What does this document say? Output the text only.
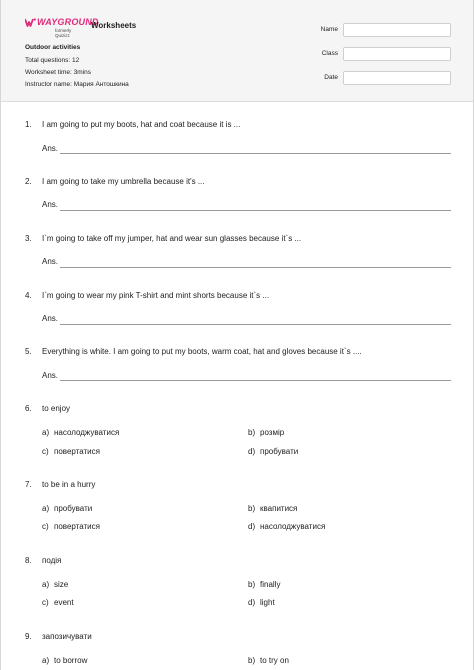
WAYGROUND
formerly Quizizz
Worksheets
Outdoor activities
Total questions: 12
Worksheet time: 3mins
Instructor name: Мария Антошкина
Name
Class
Date
1. I am going to put my boots, hat and coat because it is ...
Ans.
2. I am going to take my umbrella because it's ...
Ans.
3. I`m going to take off my jumper, hat and wear sun glasses because it`s ...
Ans.
4. I`m going to wear my pink T-shirt and mint shorts because it`s ...
Ans.
5. Everything is white. I am going to put my boots, warm coat, hat and gloves because it`s ....
Ans.
6. to enjoy
a) насолоджуватися	b) розмір
c) повертатися	d) пробувати
7. to be in a hurry
a) пробувати	b) квапитися
c) повертатися	d) насолоджуватися
8. подія
a) size	b) finally
c) event	d) light
9. запозичувати
a) to borrow	b) to try on
